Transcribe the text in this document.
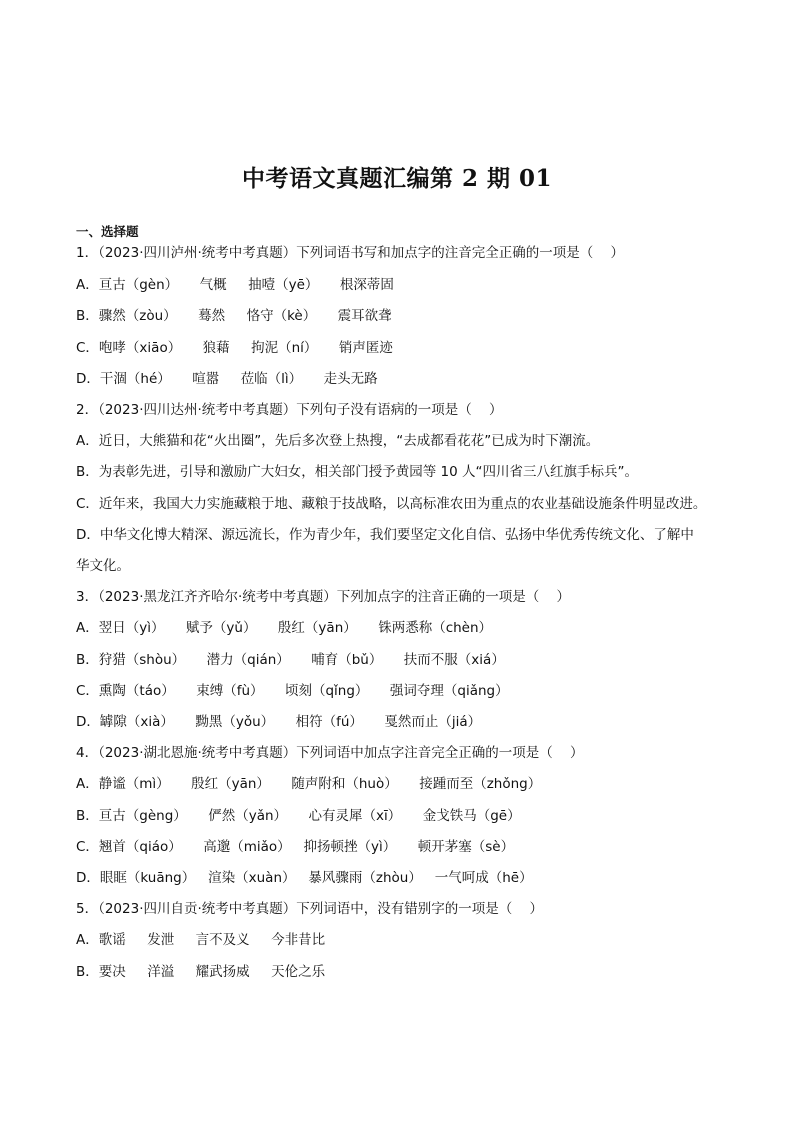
中考语文真题汇编第 2 期 01
一、选择题
1．（2023·四川泸州·统考中考真题）下列词语书写和加点字的注音完全正确的一项是（    ）
A．亘古（gèn）     气概     抽噎（yē）     根深蒂固
B．骤然（zòu）     蓦然     恪守（kè）     震耳欲聋
C．咆哮（xiāo）     狼藉     拘泥（ní）     销声匿迹
D．干涸（hé）     喧嚣     莅临（lì）     走头无路
2．（2023·四川达州·统考中考真题）下列句子没有语病的一项是（    ）
A．近日，大熊猫和花“火出圈”，先后多次登上热搜，“去成都看花花”已成为时下潮流。
B．为表彰先进，引导和激励广大妇女，相关部门授予黄园等 10 人“四川省三八红旗手标兵”。
C．近年来，我国大力实施藏粮于地、藏粮于技战略，以高标准农田为重点的农业基础设施条件明显改进。
D．中华文化博大精深、源远流长，作为青少年，我们要坚定文化自信、弘扬中华优秀传统文化、了解中
华文化。
3．（2023·黑龙江齐齐哈尔·统考中考真题）下列加点字的注音正确的一项是（    ）
A．翌日（yì）     赋予（yǔ）     殷红（yān）     铢两悉称（chèn）
B．狩猎（shòu）     潜力（qián）     哺育（bǔ）     扶而不服（xiá）
C．熏陶（táo）     束缚（fù）     顷刻（qǐng）     强词夺理（qiǎng）
D．罅隙（xià）     黝黑（yǒu）     相符（fú）     戛然而止（jiá）
4．（2023·湖北恩施·统考中考真题）下列词语中加点字注音完全正确的一项是（    ）
A．静谧（mì）     殷红（yān）     随声附和（huò）     接踵而至（zhǒng）
B．亘古（gèng）     俨然（yǎn）     心有灵犀（xī）     金戈铁马（gē）
C．翘首（qiáo）     高邈（miǎo）   抑扬顿挫（yì）     顿开茅塞（sè）
D．眼眶（kuāng）   渲染（xuàn）   暴风骤雨（zhòu）   一气呵成（hē）
5．（2023·四川自贡·统考中考真题）下列词语中，没有错别字的一项是（    ）
A．歌谣     发泄     言不及义     今非昔比
B．要决     洋溢     耀武扬威     天伦之乐
